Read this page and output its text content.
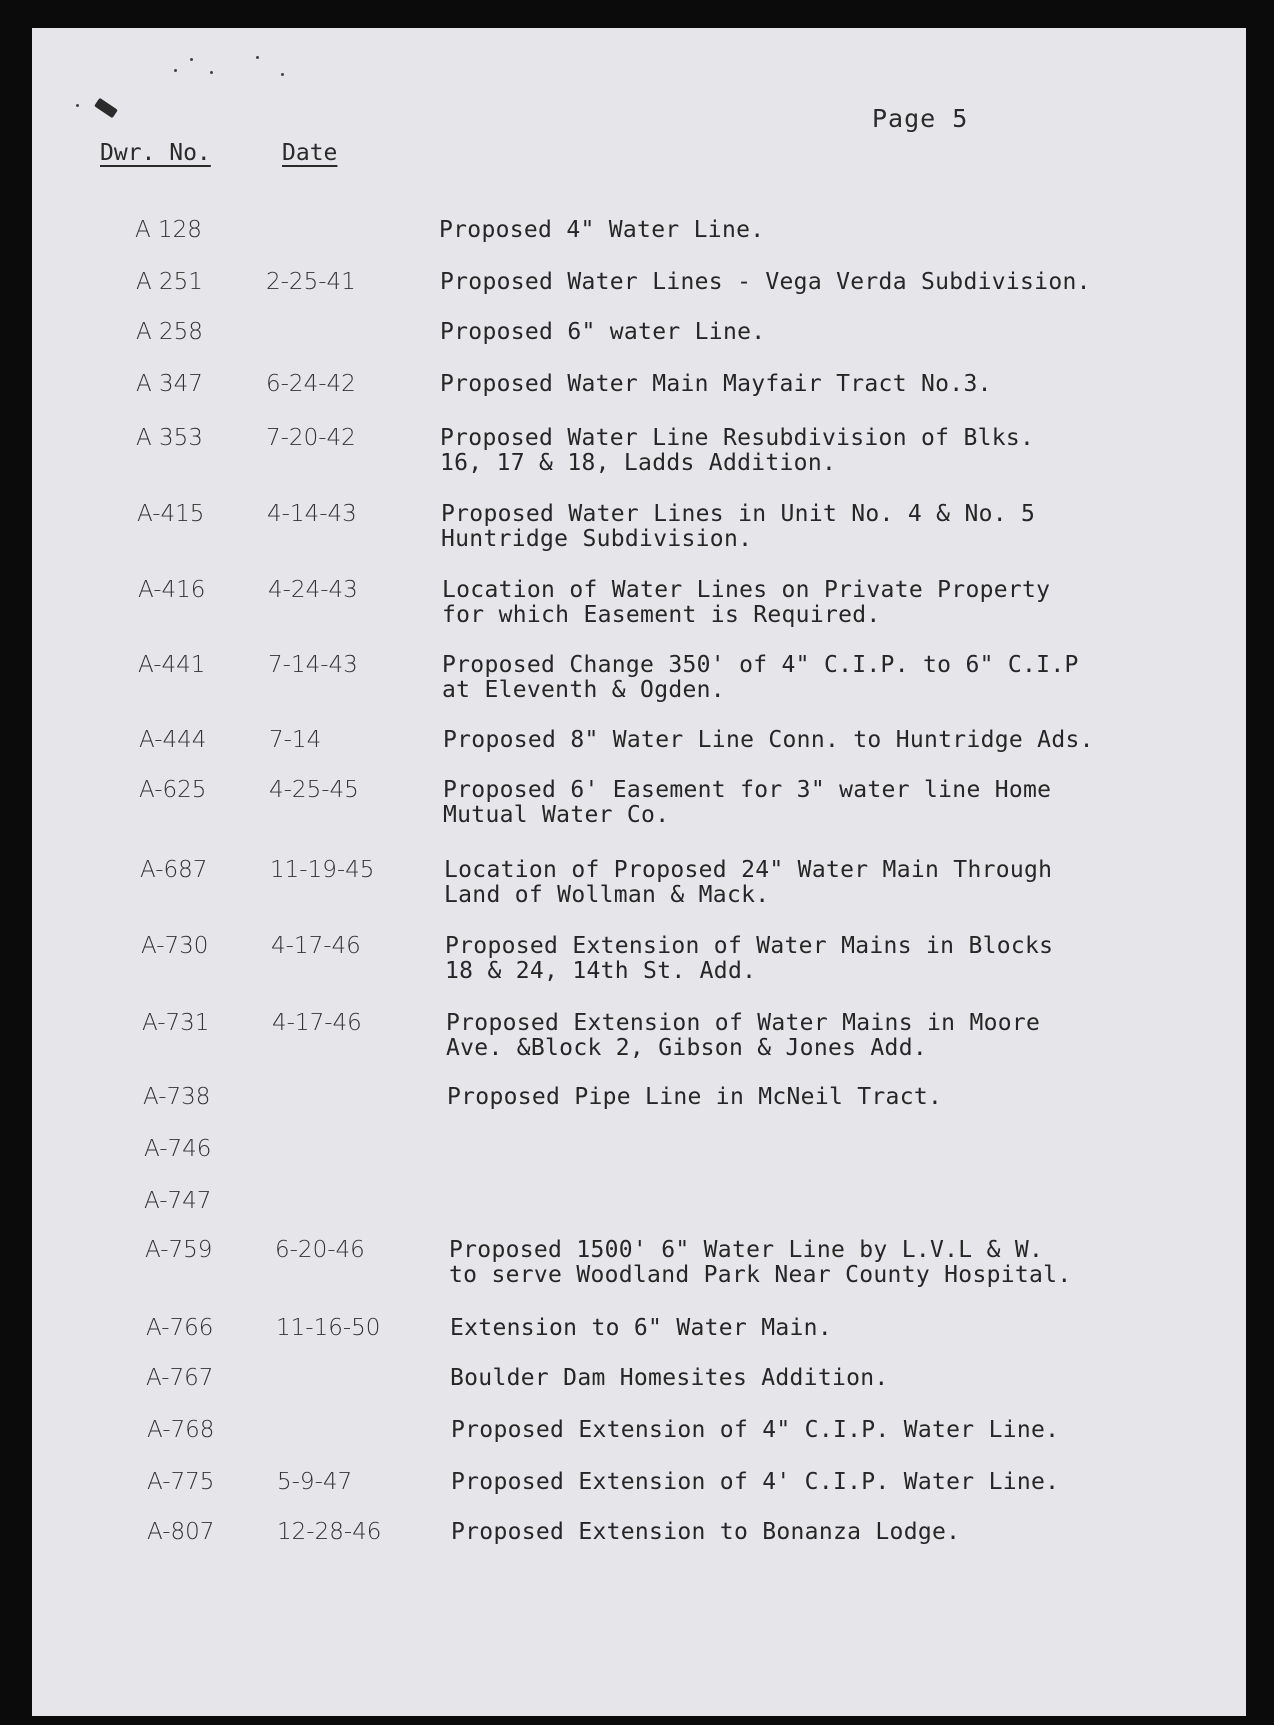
Page 5
Dwr. No.	Date
A 128	Proposed 4" Water Line.
A 251	2-25-41	Proposed Water Lines - Vega Verda Subdivision.
A 258	Proposed 6" water Line.
A 347	6-24-42	Proposed Water Main Mayfair Tract No.3.
A 353	7-20-42	Proposed Water Line Resubdivision of Blks.
16, 17 & 18, Ladds Addition.
A-415	4-14-43	Proposed Water Lines in Unit No. 4 & No. 5
Huntridge Subdivision.
A-416	4-24-43	Location of Water Lines on Private Property
for which Easement is Required.
A-441	7-14-43	Proposed Change 350' of 4" C.I.P. to 6" C.I.P
at Eleventh & Ogden.
A-444	7-14	Proposed 8" Water Line Conn. to Huntridge Ads.
A-625	4-25-45	Proposed 6' Easement for 3" water line Home
Mutual Water Co.
A-687	11-19-45	Location of Proposed 24" Water Main Through
Land of Wollman & Mack.
A-730	4-17-46	Proposed Extension of Water Mains in Blocks
18 & 24, 14th St. Add.
A-731	4-17-46	Proposed Extension of Water Mains in Moore
Ave. &Block 2, Gibson & Jones Add.
A-738	Proposed Pipe Line in McNeil Tract.
A-746
A-747
A-759	6-20-46	Proposed 1500' 6" Water Line by L.V.L & W.
to serve Woodland Park Near County Hospital.
A-766	11-16-50	Extension to 6" Water Main.
A-767	Boulder Dam Homesites Addition.
A-768	Proposed Extension of 4" C.I.P. Water Line.
A-775	5-9-47	Proposed Extension of 4' C.I.P. Water Line.
A-807	12-28-46	Proposed Extension to Bonanza Lodge.
